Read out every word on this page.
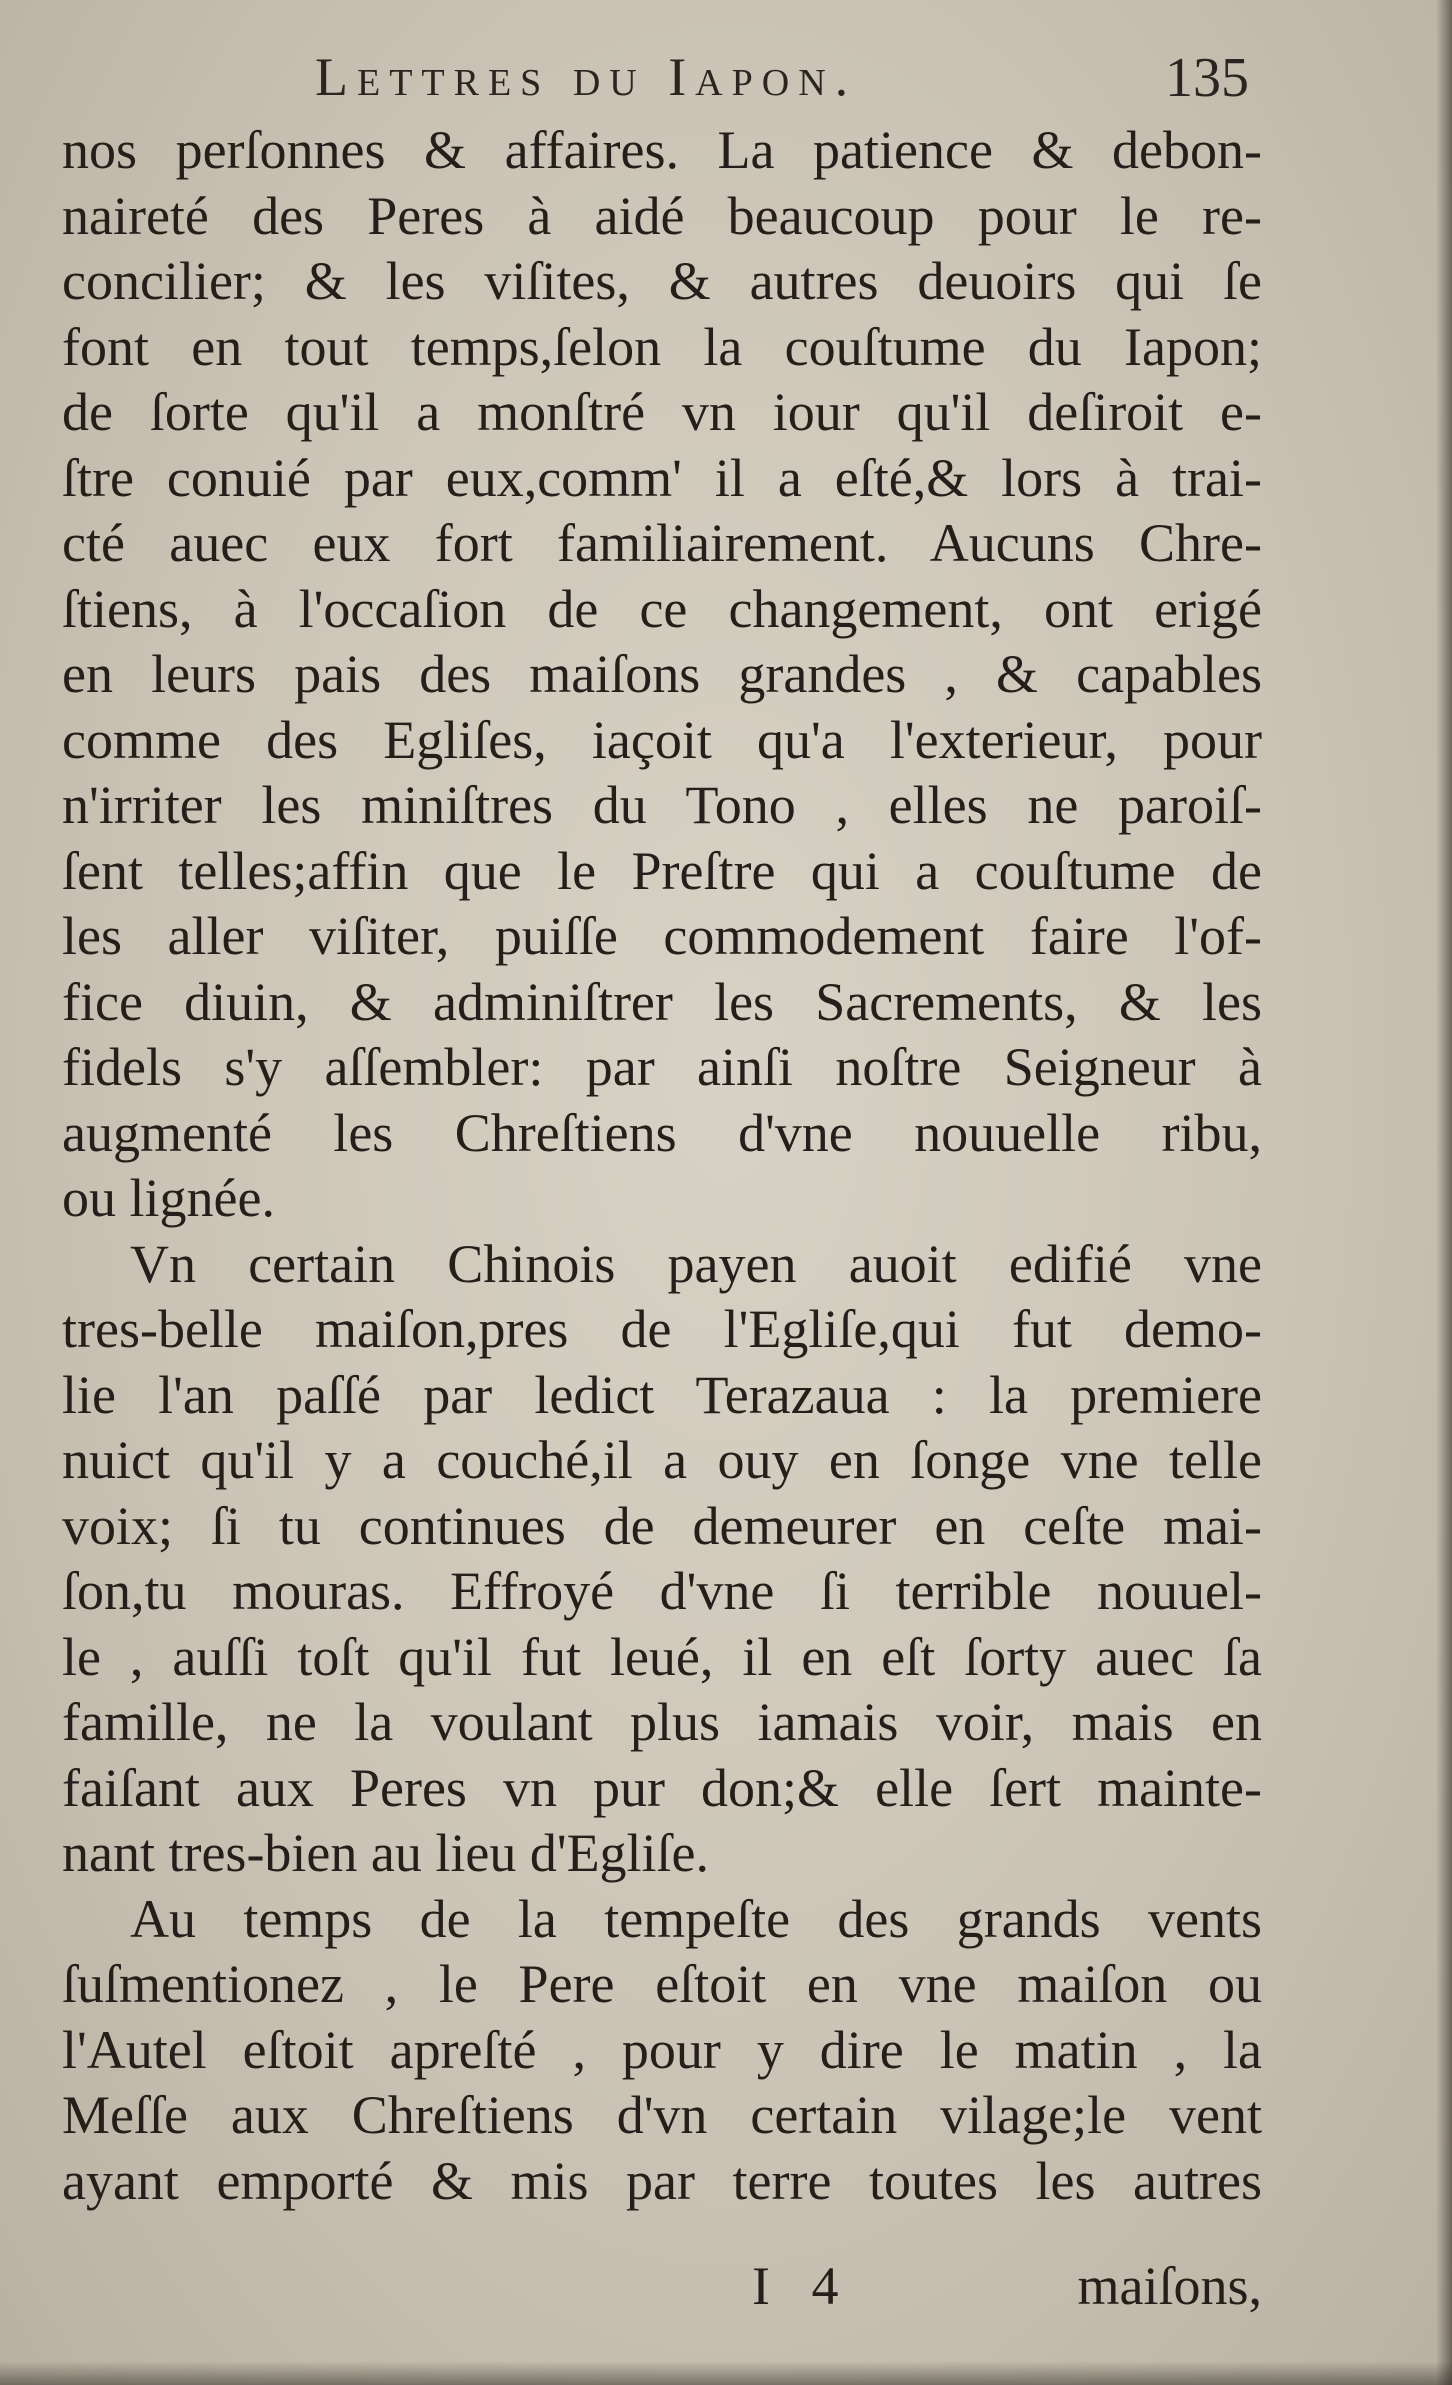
Lettres du Iapon.	135
nos perſonnes & affaires. La patience & debon-
naireté des Peres à aidé beaucoup pour le re-
concilier; & les viſites, & autres deuoirs qui ſe
font en tout temps,ſelon la couſtume du Iapon;
de ſorte qu'il a monſtré vn iour qu'il deſiroit e-
ſtre conuié par eux,comm' il a eſté,& lors à trai-
cté auec eux fort familiairement. Aucuns Chre-
ſtiens, à l'occaſion de ce changement, ont erigé
en leurs pais des maiſons grandes , & capables
comme des Egliſes, iaçoit qu'a l'exterieur, pour
n'irriter les miniſtres du Tono , elles ne paroiſ-
ſent telles;affin que le Preſtre qui a couſtume de
les aller viſiter, puiſſe commodement faire l'of-
fice diuin, & adminiſtrer les Sacrements, & les
fidels s'y aſſembler: par ainſi noſtre Seigneur à
augmenté les Chreſtiens d'vne nouuelle ribu,
ou lignée.
Vn certain Chinois payen auoit edifié vne
tres-belle maiſon,pres de l'Egliſe,qui fut demo-
lie l'an paſſé par ledict Terazaua : la premiere
nuict qu'il y a couché,il a ouy en ſonge vne telle
voix; ſi tu continues de demeurer en ceſte mai-
ſon,tu mouras. Effroyé d'vne ſi terrible nouuel-
le , auſſi toſt qu'il fut leué, il en eſt ſorty auec ſa
famille, ne la voulant plus iamais voir, mais en
faiſant aux Peres vn pur don;& elle ſert mainte-
nant tres-bien au lieu d'Egliſe.
Au temps de la tempeſte des grands vents
ſuſmentionez , le Pere eſtoit en vne maiſon ou
l'Autel eſtoit apreſté , pour y dire le matin , la
Meſſe aux Chreſtiens d'vn certain vilage;le vent
ayant emporté & mis par terre toutes les autres
I 4	maiſons,
